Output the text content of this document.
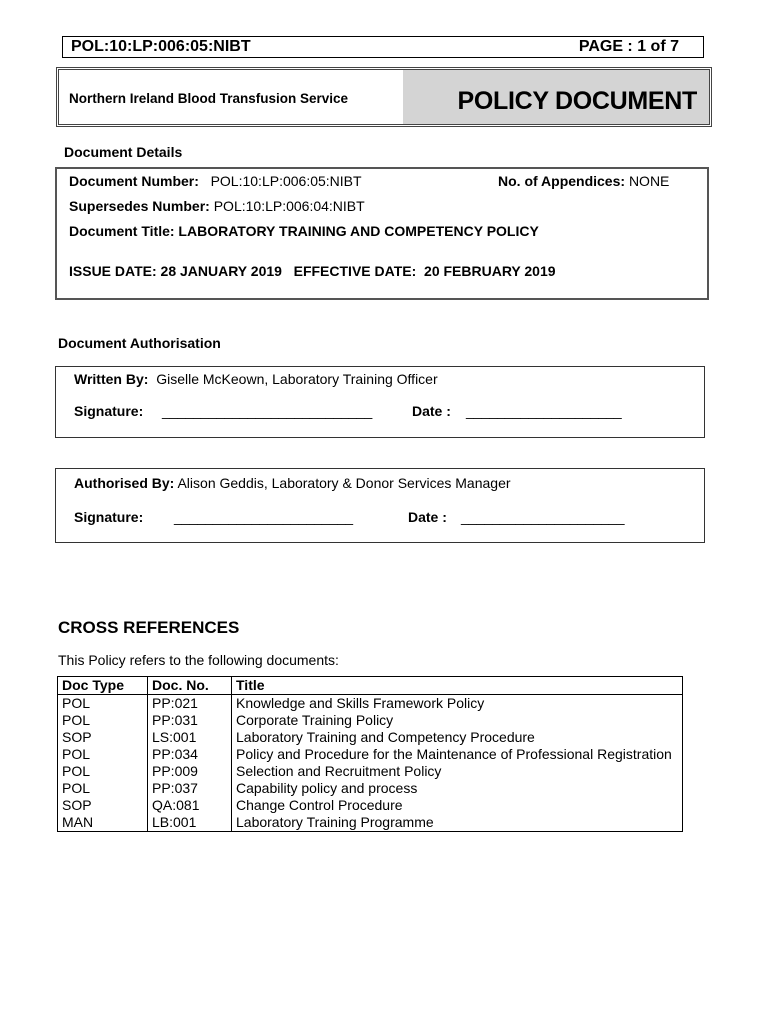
POL:10:LP:006:05:NIBT	PAGE : 1 of 7
Northern Ireland Blood Transfusion Service	POLICY DOCUMENT
Document Details
Document Number: POL:10:LP:006:05:NIBT	No. of Appendices: NONE
Supersedes Number: POL:10:LP:006:04:NIBT
Document Title: LABORATORY TRAINING AND COMPETENCY POLICY
ISSUE DATE: 28 JANUARY 2019 EFFECTIVE DATE: 20 FEBRUARY 2019
Document Authorisation
Written By: Giselle McKeown, Laboratory Training Officer
Signature: ___________________________	Date : ____________________
Authorised By: Alison Geddis, Laboratory & Donor Services Manager
Signature: _______________________	Date : _____________________
CROSS REFERENCES
This Policy refers to the following documents:
Doc Type	Doc. No.	Title
POL	PP:021	Knowledge and Skills Framework Policy
POL	PP:031	Corporate Training Policy
SOP	LS:001	Laboratory Training and Competency Procedure
POL	PP:034	Policy and Procedure for the Maintenance of Professional Registration
POL	PP:009	Selection and Recruitment Policy
POL	PP:037	Capability policy and process
SOP	QA:081	Change Control Procedure
MAN	LB:001	Laboratory Training Programme
